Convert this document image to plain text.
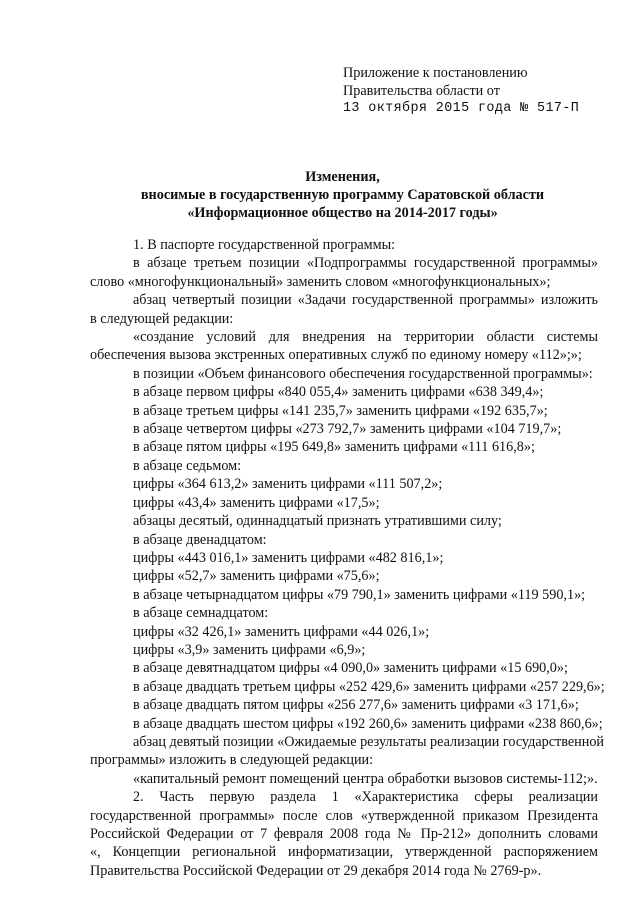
Приложение к постановлению
Правительства области от
13 октября 2015 года № 517-П
Изменения,
вносимые в государственную программу Саратовской области
«Информационное общество на 2014-2017 годы»
1. В паспорте государственной программы:
в абзаце третьем позиции «Подпрограммы государственной программы»
слово «многофункциональный» заменить словом «многофункциональных»;
абзац четвертый позиции «Задачи государственной программы» изложить
в следующей редакции:
«создание условий для внедрения на территории области системы
обеспечения вызова экстренных оперативных служб по единому номеру «112»;»;
в позиции «Объем финансового обеспечения государственной программы»:
в абзаце первом цифры «840 055,4» заменить цифрами «638 349,4»;
в абзаце третьем цифры «141 235,7» заменить цифрами «192 635,7»;
в абзаце четвертом цифры «273 792,7» заменить цифрами «104 719,7»;
в абзаце пятом цифры «195 649,8» заменить цифрами «111 616,8»;
в абзаце седьмом:
цифры «364 613,2» заменить цифрами «111 507,2»;
цифры «43,4» заменить цифрами «17,5»;
абзацы десятый, одиннадцатый признать утратившими силу;
в абзаце двенадцатом:
цифры «443 016,1» заменить цифрами «482 816,1»;
цифры «52,7» заменить цифрами «75,6»;
в абзаце четырнадцатом цифры «79 790,1» заменить цифрами «119 590,1»;
в абзаце семнадцатом:
цифры «32 426,1» заменить цифрами «44 026,1»;
цифры «3,9» заменить цифрами «6,9»;
в абзаце девятнадцатом цифры «4 090,0» заменить цифрами «15 690,0»;
в абзаце двадцать третьем цифры «252 429,6» заменить цифрами «257 229,6»;
в абзаце двадцать пятом цифры «256 277,6» заменить цифрами «3 171,6»;
в абзаце двадцать шестом цифры «192 260,6» заменить цифрами «238 860,6»;
абзац девятый позиции «Ожидаемые результаты реализации государственной
программы» изложить в следующей редакции:
«капитальный ремонт помещений центра обработки вызовов системы-112;».
2. Часть первую раздела 1 «Характеристика сферы реализации
государственной программы» после слов «утвержденной приказом Президента
Российской Федерации от 7 февраля 2008 года № Пр-212» дополнить словами
«, Концепции региональной информатизации, утвержденной распоряжением
Правительства Российской Федерации от 29 декабря 2014 года № 2769-р».
